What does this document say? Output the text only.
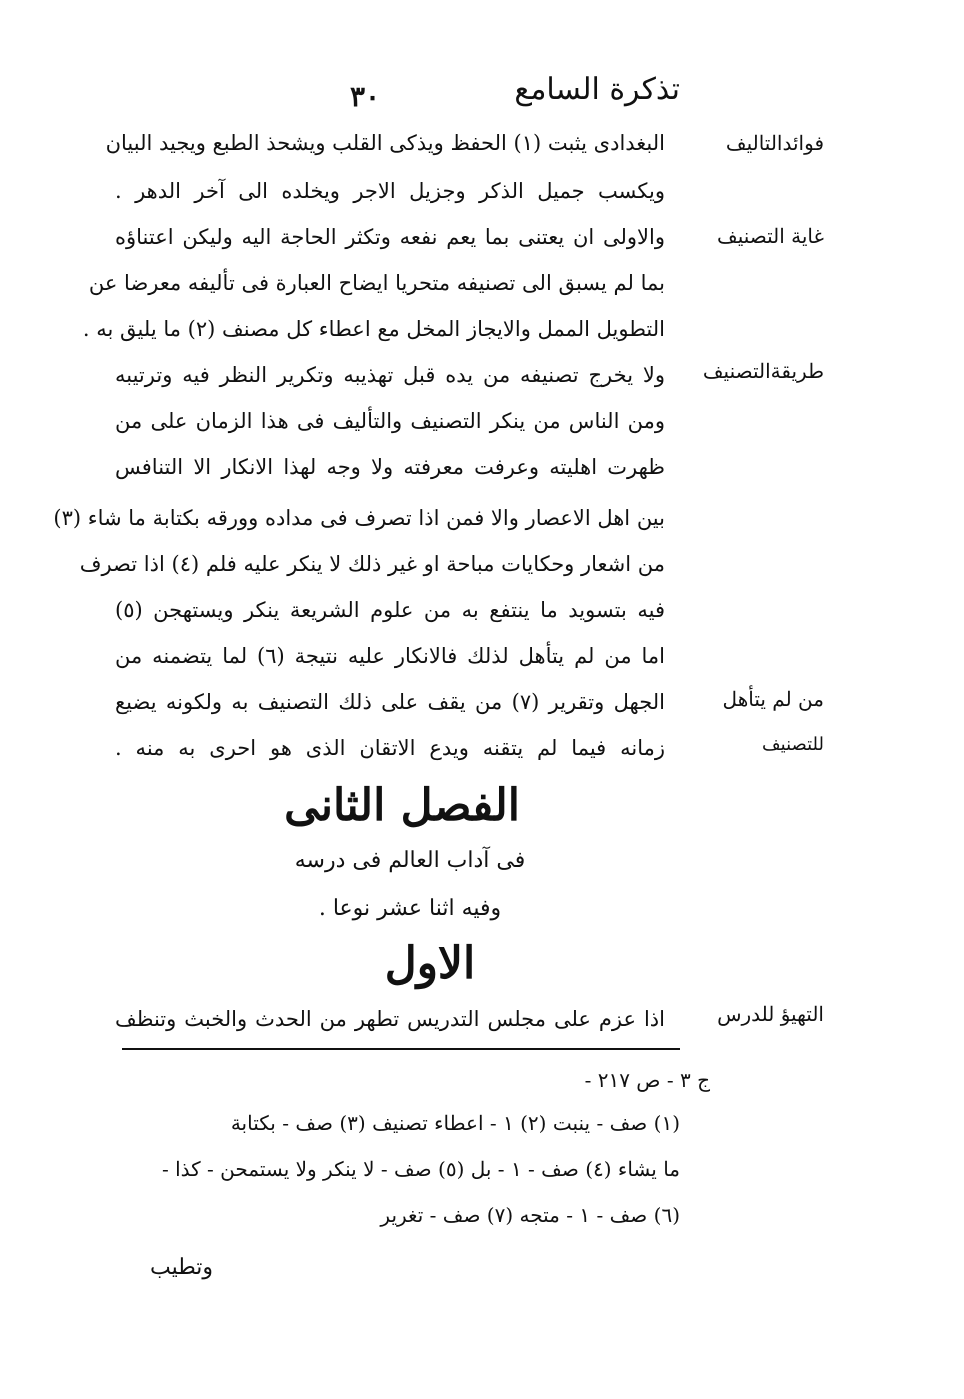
۳۰	تذكرة السامع
فوائدالتاليف
غاية التصنيف
طريقةالتصنيف
من لم يتأهل
للتصنيف
التهيؤ للدرس
البغدادى يثبت (۱) الحفظ ويذكى القلب ويشحذ الطبع ويجيد البيان
ويكسب جميل الذكر وجزيل الاجر ويخلده الى آخر الدهر .
والاولى ان يعتنى بما يعم نفعه وتكثر الحاجة اليه وليكن اعتناؤه
بما لم يسبق الى تصنيفه متحريا ايضاح العبارة فى تأليفه معرضا عن
التطويل الممل والايجاز المخل مع اعطاء كل مصنف (۲) ما يليق به .
ولا يخرج تصنيفه من يده قبل تهذيبه وتكرير النظر فيه وترتيبه
ومن الناس من ينكر التصنيف والتأليف فى هذا الزمان على من
ظهرت اهليته وعرفت معرفته ولا وجه لهذا الانكار الا التنافس
بين اهل الاعصار والا فمن اذا تصرف فى مداده وورقه بكتابة ما شاء (۳)
من اشعار وحكايات مباحة او غير ذلك لا ينكر عليه فلم (٤) اذا تصرف
فيه بتسويد ما ينتفع به من علوم الشريعة ينكر ويستهجن (٥)
اما من لم يتأهل لذلك فالانكار عليه نتيجة (٦) لما يتضمنه من
الجهل وتقرير (۷) من يقف على ذلك التصنيف به ولكونه يضيع
زمانه فيما لم يتقنه ويدع الاتقان الذى هو احرى به منه .
الفصل الثانى
فى آداب العالم فى درسه
وفيه اثنا عشر نوعا .
الاول
اذا عزم على مجلس التدريس تطهر من الحدث والخبث وتنظف
ج ۳ - ص ۲۱۷ -
(۱) صف - ينبت (۲) ۱ - اعطاء تصنيف (۳) صف - بكتابة
ما يشاء (٤) صف - ۱ - بل (٥) صف - لا ينكر ولا يستمحن - كذا -
(٦) صف - ۱ - متجه (۷) صف - تغرير
وتطيب
